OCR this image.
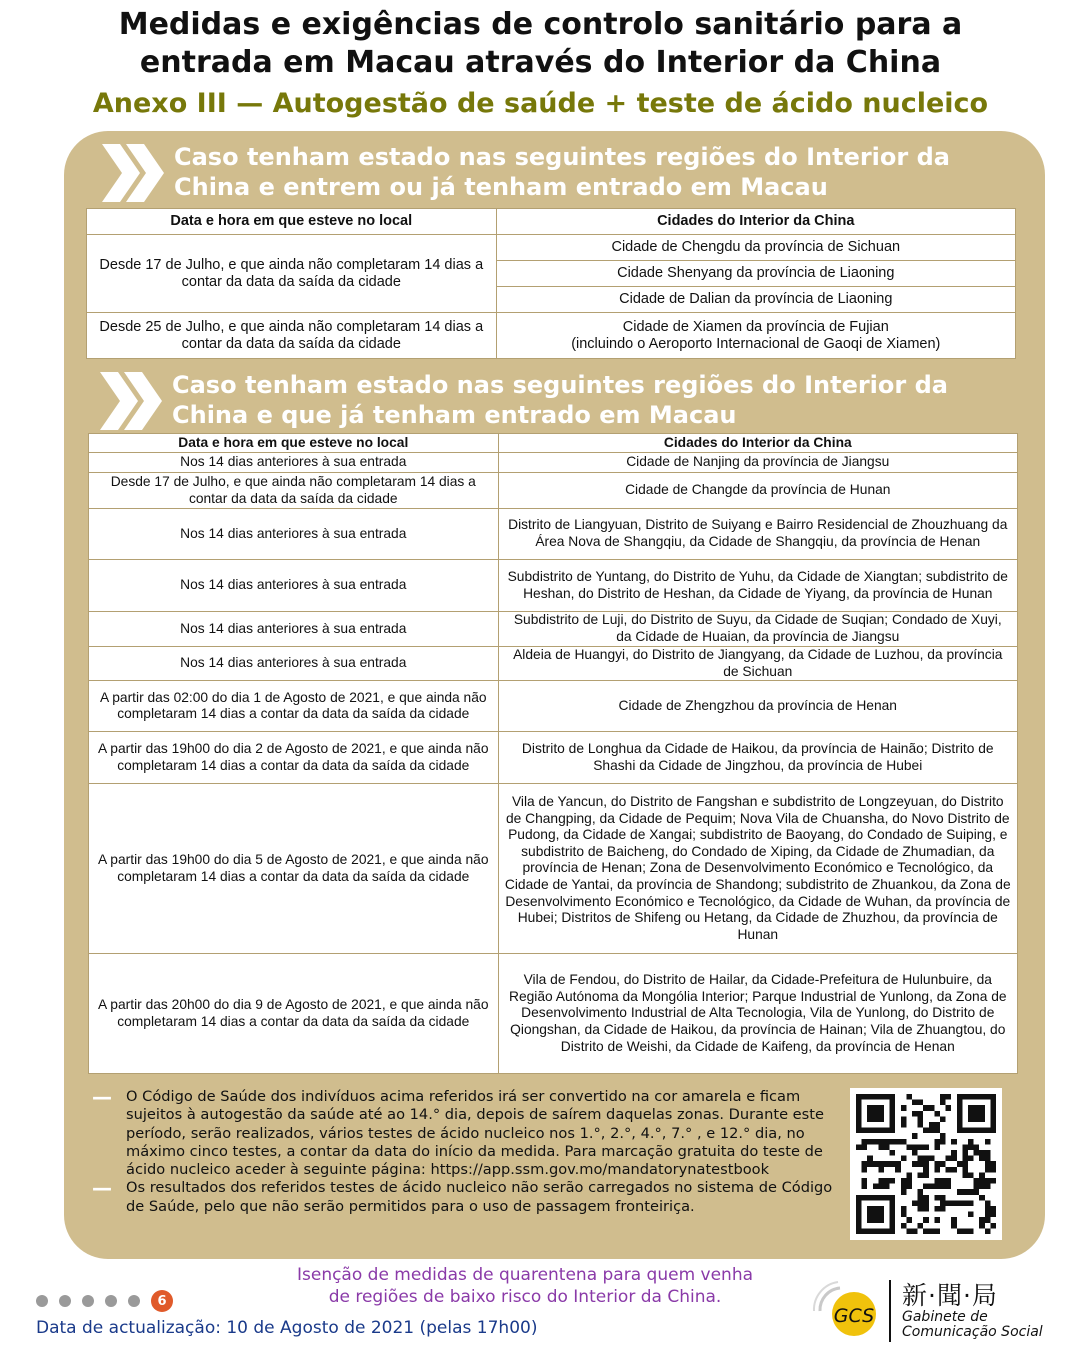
Medidas e exigências de controlo sanitário para a
entrada em Macau através do Interior da China
Anexo III — Autogestão de saúde + teste de ácido nucleico
Caso tenham estado nas seguintes regiões do Interior da
China e entrem ou já tenham entrado em Macau
Data e hora em que esteve no local	Cidades do Interior da China
Desde 17 de Julho, e que ainda não completaram 14 dias a contar da data da saída da cidade	Cidade de Chengdu da província de Sichuan
	Cidade Shenyang da província de Liaoning
	Cidade de Dalian da província de Liaoning
Desde 25 de Julho, e que ainda não completaram 14 dias a contar da data da saída da cidade	Cidade de Xiamen da província de Fujian
(incluindo o Aeroporto Internacional de Gaoqi de Xiamen)
Caso tenham estado nas seguintes regiões do Interior da
China e que já tenham entrado em Macau
Data e hora em que esteve no local	Cidades do Interior da China
Nos 14 dias anteriores à sua entrada	Cidade de Nanjing da província de Jiangsu
Desde 17 de Julho, e que ainda não completaram 14 dias a contar da data da saída da cidade	Cidade de Changde da província de Hunan
Nos 14 dias anteriores à sua entrada	Distrito de Liangyuan, Distrito de Suiyang e Bairro Residencial de Zhouzhuang da Área Nova de Shangqiu, da Cidade de Shangqiu, da província de Henan
Nos 14 dias anteriores à sua entrada	Subdistrito de Yuntang, do Distrito de Yuhu, da Cidade de Xiangtan; subdistrito de Heshan, do Distrito de Heshan, da Cidade de Yiyang, da província de Hunan
Nos 14 dias anteriores à sua entrada	Subdistrito de Luji, do Distrito de Suyu, da Cidade de Suqian; Condado de Xuyi, da Cidade de Huaian, da província de Jiangsu
Nos 14 dias anteriores à sua entrada	Aldeia de Huangyi, do Distrito de Jiangyang, da Cidade de Luzhou, da província de Sichuan
A partir das 02:00 do dia 1 de Agosto de 2021, e que ainda não completaram 14 dias a contar da data da saída da cidade	Cidade de Zhengzhou da província de Henan
A partir das 19h00 do dia 2 de Agosto de 2021, e que ainda não completaram 14 dias a contar da data da saída da cidade	Distrito de Longhua da Cidade de Haikou, da província de Hainão; Distrito de Shashi da Cidade de Jingzhou, da província de Hubei
A partir das 19h00 do dia 5 de Agosto de 2021, e que ainda não completaram 14 dias a contar da data da saída da cidade	Vila de Yancun, do Distrito de Fangshan e subdistrito de Longzeyuan, do Distrito de Changping, da Cidade de Pequim; Nova Vila de Chuansha, do Novo Distrito de Pudong, da Cidade de Xangai; subdistrito de Baoyang, do Condado de Suiping, e subdistrito de Baicheng, do Condado de Xiping, da Cidade de Zhumadian, da província de Henan; Zona de Desenvolvimento Económico e Tecnológico, da Cidade de Yantai, da província de Shandong; subdistrito de Zhuankou, da Zona de Desenvolvimento Económico e Tecnológico, da Cidade de Wuhan, da província de Hubei; Distritos de Shifeng ou Hetang, da Cidade de Zhuzhou, da província de Hunan
A partir das 20h00 do dia 9 de Agosto de 2021, e que ainda não completaram 14 dias a contar da data da saída da cidade	Vila de Fendou, do Distrito de Hailar, da Cidade-Prefeitura de Hulunbuire, da Região Autónoma da Mongólia Interior; Parque Industrial de Yunlong, da Zona de Desenvolvimento Industrial de Alta Tecnologia, Vila de Yunlong, do Distrito de Qiongshan, da Cidade de Haikou, da província de Hainan; Vila de Zhuangtou, do Distrito de Weishi, da Cidade de Kaifeng, da província de Henan
— O Código de Saúde dos indivíduos acima referidos irá ser convertido na cor amarela e ficam sujeitos à autogestão da saúde até ao 14.° dia, depois de saírem daquelas zonas. Durante este período, serão realizados, vários testes de ácido nucleico nos 1.°, 2.°, 4.°, 7.° , e 12.° dia, no máximo cinco testes, a contar da data do início da medida. Para marcação gratuita do teste de ácido nucleico aceder à seguinte página: https://app.ssm.gov.mo/mandatorynatestbook
— Os resultados dos referidos testes de ácido nucleico não serão carregados no sistema de Código de Saúde, pelo que não serão permitidos para o uso de passagem fronteiriça.
6
Data de actualização: 10 de Agosto de 2021 (pelas 17h00)
Isenção de medidas de quarentena para quem venha
de regiões de baixo risco do Interior da China.
GCS
新·聞·局
Gabinete de
Comunicação Social
